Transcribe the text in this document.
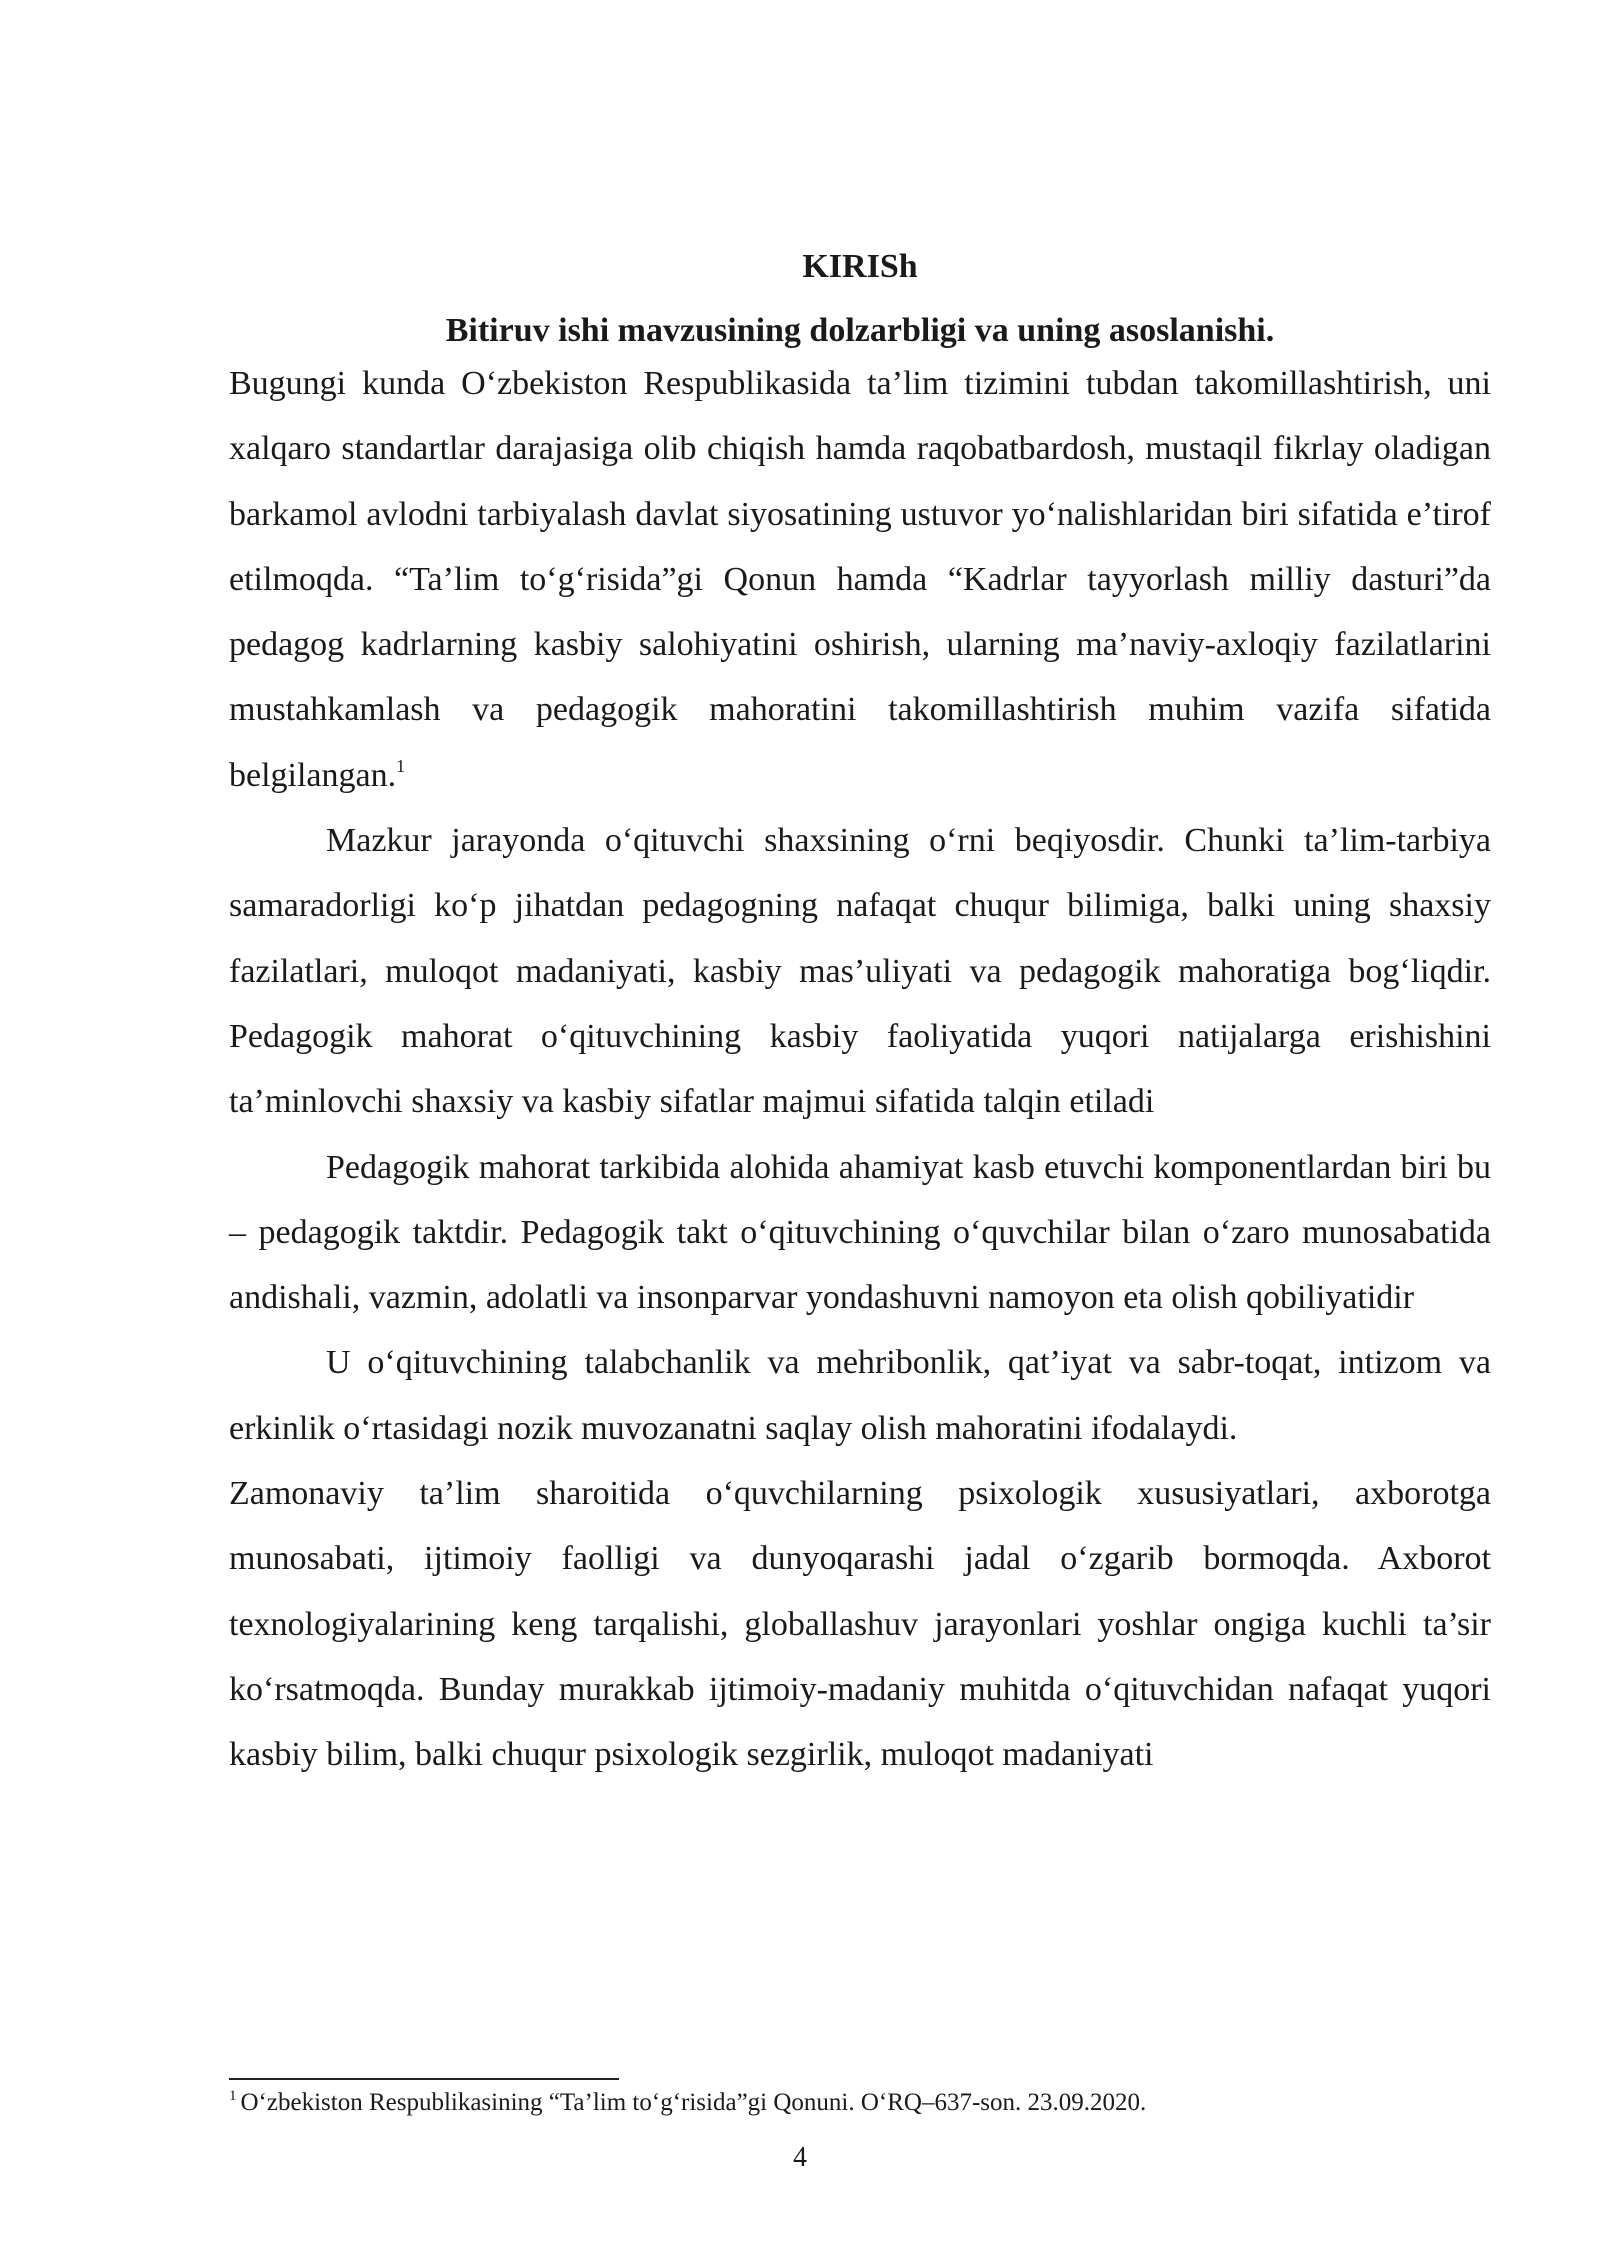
KIRISh
Bitiruv ishi mavzusining dolzarbligi va uning asoslanishi.

Bugungi kunda O‘zbekiston Respublikasida ta’lim tizimini tubdan takomillashtirish, uni xalqaro standartlar darajasiga olib chiqish hamda raqobatbardosh, mustaqil fikrlay oladigan barkamol avlodni tarbiyalash davlat siyosatining ustuvor yo‘nalishlaridan biri sifatida e’tirof etilmoqda. “Ta’lim to‘g‘risida”gi Qonun hamda “Kadrlar tayyorlash milliy dasturi”da pedagog kadrlarning kasbiy salohiyatini oshirish, ularning ma’naviy-axloqiy fazilatlarini mustahkamlash va pedagogik mahoratini takomillashtirish muhim vazifa sifatida belgilangan.$^1$

Mazkur jarayonda o‘qituvchi shaxsining o‘rni beqiyosdir. Chunki ta’lim-tarbiya samaradorligi ko‘p jihatdan pedagogning nafaqat chuqur bilimiga, balki uning shaxsiy fazilatlari, muloqot madaniyati, kasbiy mas’uliyati va pedagogik mahoratiga bog‘liqdir. Pedagogik mahorat o‘qituvchining kasbiy faoliyatida yuqori natijalarga erishishini ta’minlovchi shaxsiy va kasbiy sifatlar majmui sifatida talqin etiladi

Pedagogik mahorat tarkibida alohida ahamiyat kasb etuvchi komponentlardan biri bu – pedagogik taktdir. Pedagogik takt o‘qituvchining o‘quvchilar bilan o‘zaro munosabatida andishali, vazmin, adolatli va insonparvar yondashuvni namoyon eta olish qobiliyatidir

U o‘qituvchining talabchanlik va mehribonlik, qat’iyat va sabr-toqat, intizom va erkinlik o‘rtasidagi nozik muvozanatni saqlay olish mahoratini ifodalaydi.

Zamonaviy ta’lim sharoitida o‘quvchilarning psixologik xususiyatlari, axborotga munosabati, ijtimoiy faolligi va dunyoqarashi jadal o‘zgarib bormoqda. Axborot texnologiyalarining keng tarqalishi, globallashuv jarayonlari yoshlar ongiga kuchli ta’sir ko‘rsatmoqda. Bunday murakkab ijtimoiy-madaniy muhitda o‘qituvchidan nafaqat yuqori kasbiy bilim, balki chuqur psixologik sezgirlik, muloqot madaniyati

$^1$ O‘zbekiston Respublikasining “Ta’lim to‘g‘risida”gi Qonuni. O‘RQ–637-son. 23.09.2020.
4
